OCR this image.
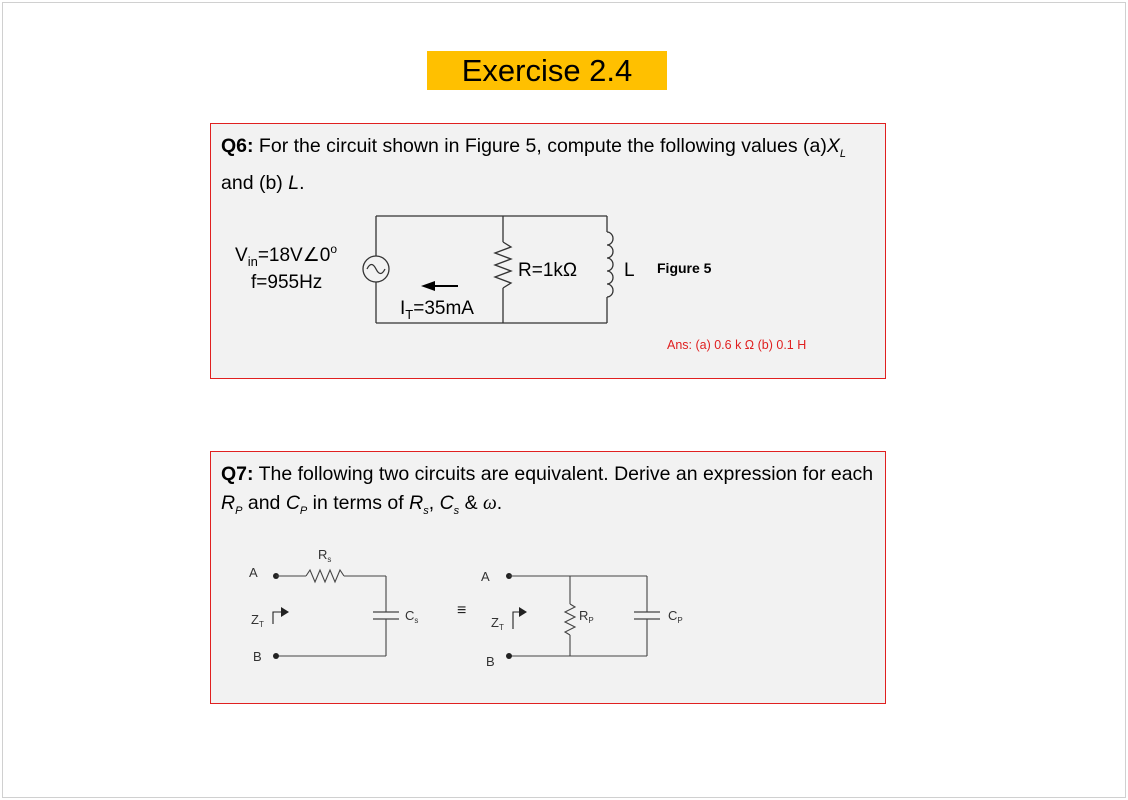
Exercise 2.4
Q6: For the circuit shown in Figure 5, compute the following values $(a)X_L$ and (b) L.
$V_{in}=18V\angle 0^o$
f=955Hz
R=1kΩ L
$I_T=35mA$
Figure 5
Ans: (a) 0.6 k Ω (b) 0.1 H
Q7: The following two circuits are equivalent. Derive an expression for each $R_P$ and $C_P$ in terms of $R_s$, $C_s$ & ω.
A
B
$Z_T$
$R_s$
$C_s$
≡
A
B
$Z_T$
$R_P$	$C_P$
